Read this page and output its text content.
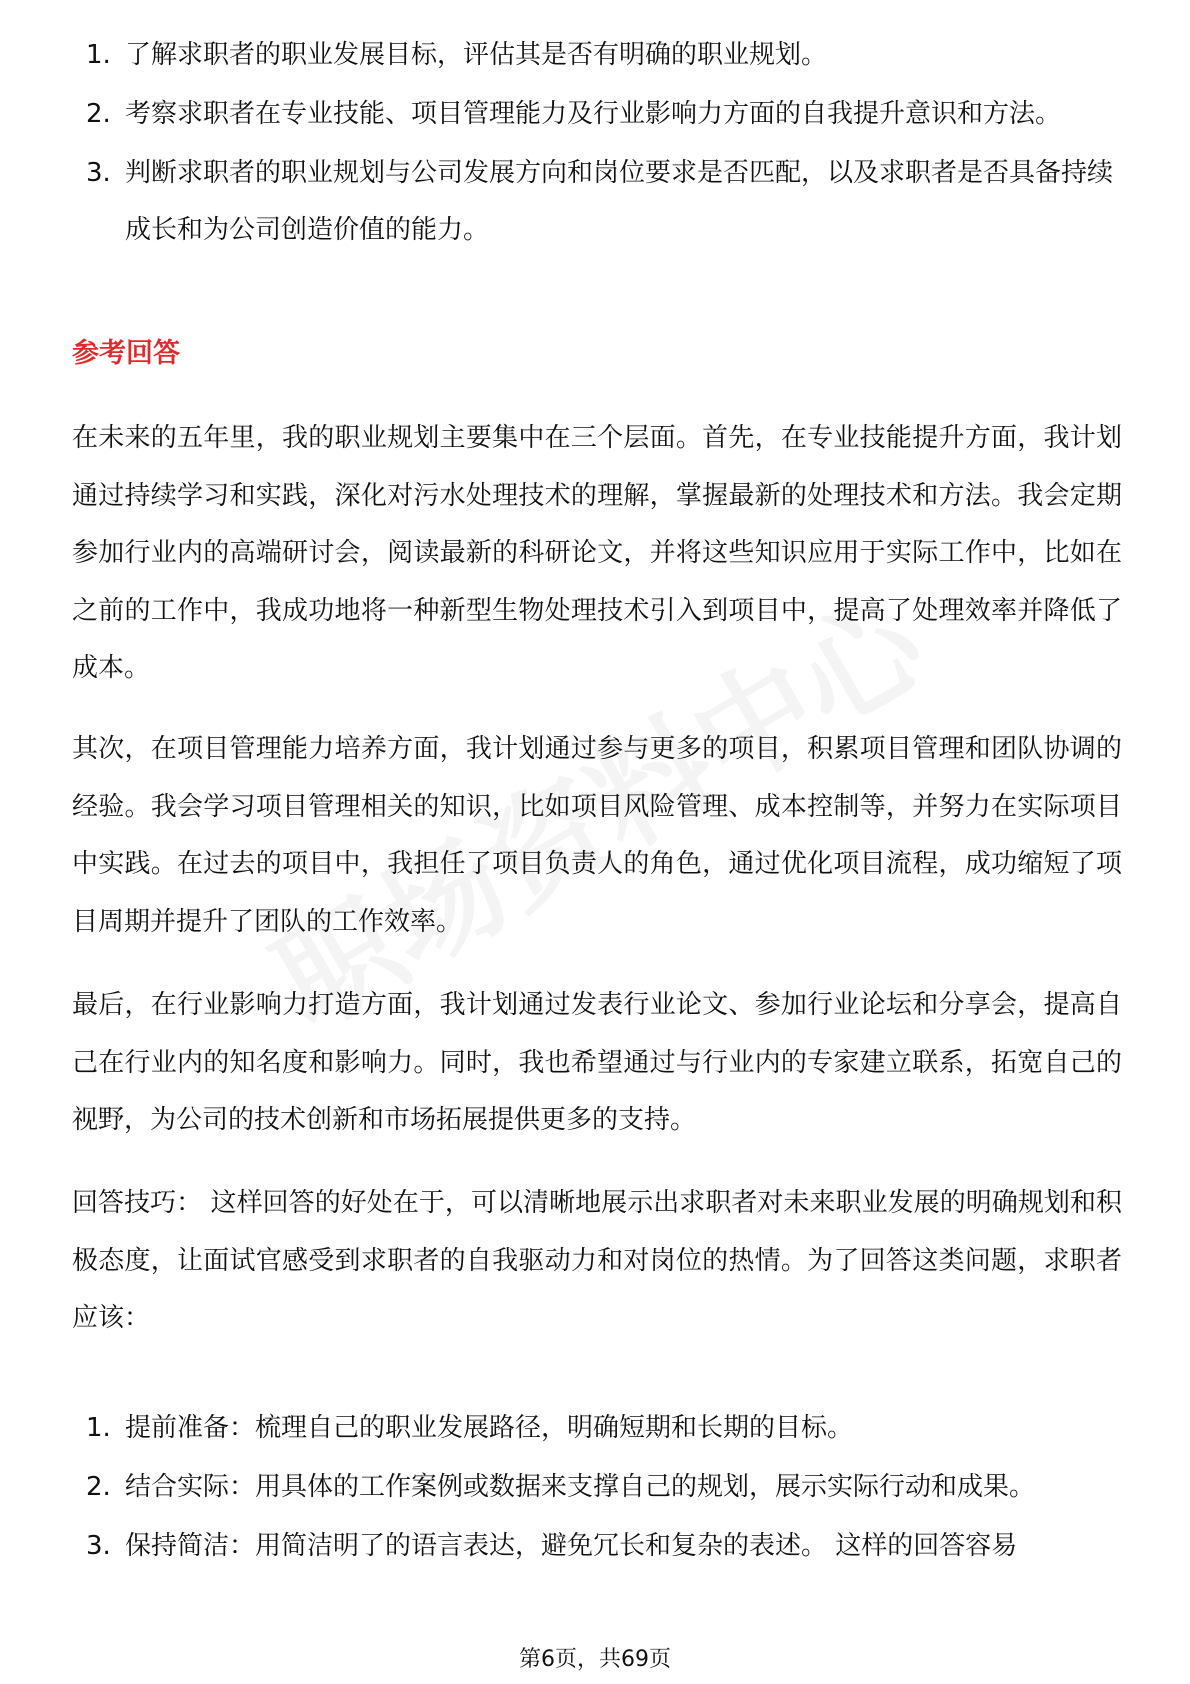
1. 了解求职者的职业发展目标，评估其是否有明确的职业规划。
2. 考察求职者在专业技能、项目管理能力及行业影响力方面的自我提升意识和方法。
3. 判断求职者的职业规划与公司发展方向和岗位要求是否匹配，以及求职者是否具备持续成长和为公司创造价值的能力。
参考回答

在未来的五年里，我的职业规划主要集中在三个层面。首先，在专业技能提升方面，我计划通过持续学习和实践，深化对污水处理技术的理解，掌握最新的处理技术和方法。我会定期参加行业内的高端研讨会，阅读最新的科研论文，并将这些知识应用于实际工作中，比如在之前的工作中，我成功地将一种新型生物处理技术引入到项目中，提高了处理效率并降低了成本。

其次，在项目管理能力培养方面，我计划通过参与更多的项目，积累项目管理和团队协调的经验。我会学习项目管理相关的知识，比如项目风险管理、成本控制等，并努力在实际项目中实践。在过去的项目中，我担任了项目负责人的角色，通过优化项目流程，成功缩短了项目周期并提升了团队的工作效率。

最后，在行业影响力打造方面，我计划通过发表行业论文、参加行业论坛和分享会，提高自己在行业内的知名度和影响力。同时，我也希望通过与行业内的专家建立联系，拓宽自己的视野，为公司的技术创新和市场拓展提供更多的支持。

回答技巧： 这样回答的好处在于，可以清晰地展示出求职者对未来职业发展的明确规划和积极态度，让面试官感受到求职者的自我驱动力和对岗位的热情。为了回答这类问题，求职者应该：

1. 提前准备：梳理自己的职业发展路径，明确短期和长期的目标。
2. 结合实际：用具体的工作案例或数据来支撑自己的规划，展示实际行动和成果。
3. 保持简洁：用简洁明了的语言表达，避免冗长和复杂的表述。 这样的回答容易
第6页，共69页
